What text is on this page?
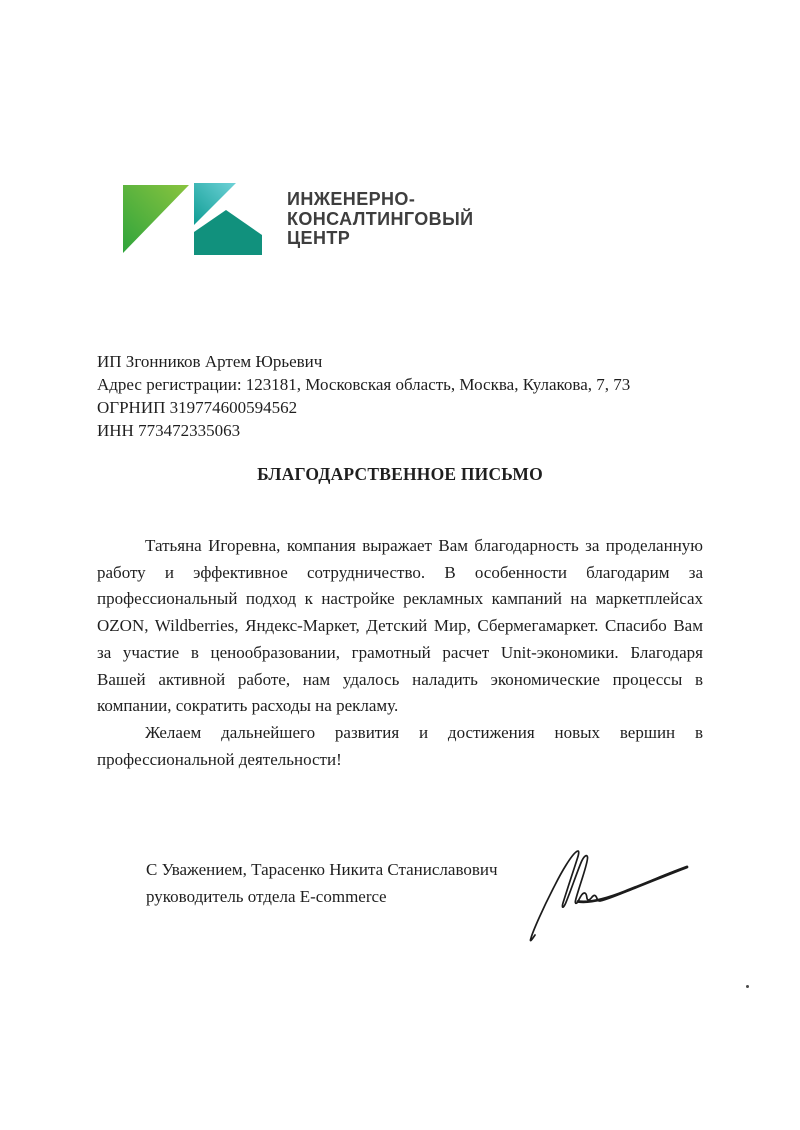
ИНЖЕНЕРНО-
КОНСАЛТИНГОВЫЙ
ЦЕНТР
ИП Згонников Артем Юрьевич
Адрес регистрации: 123181, Московская область, Москва, Кулакова, 7, 73
ОГРНИП 319774600594562
ИНН 773472335063
БЛАГОДАРСТВЕННОЕ ПИСЬМО

Татьяна Игоревна, компания выражает Вам благодарность за проделанную работу и эффективное сотрудничество. В особенности благодарим за профессиональный подход к настройке рекламных кампаний на маркетплейсах OZON, Wildberries, Яндекс-Маркет, Детский Мир, Сбермегамаркет. Спасибо Вам за участие в ценообразовании, грамотный расчет Unit-экономики. Благодаря Вашей активной работе, нам удалось наладить экономические процессы в компании, сократить расходы на рекламу.

Желаем дальнейшего развития и достижения новых вершин в профессиональной деятельности!

С Уважением, Тарасенко Никита Станиславович
руководитель отдела E-commerce
